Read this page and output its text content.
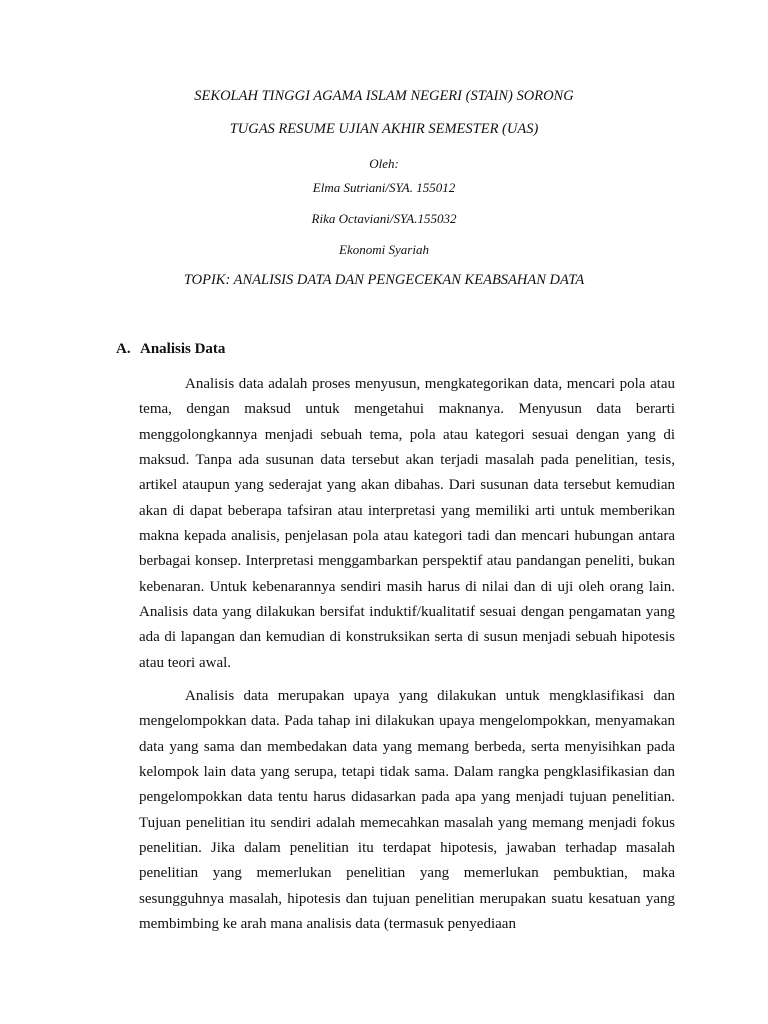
SEKOLAH TINGGI AGAMA ISLAM NEGERI (STAIN) SORONG
TUGAS RESUME UJIAN AKHIR SEMESTER (UAS)
Oleh:
Elma Sutriani/SYA. 155012
Rika Octaviani/SYA.155032
Ekonomi Syariah
TOPIK: ANALISIS DATA DAN PENGECEKAN KEABSAHAN DATA
A. Analisis Data

Analisis data adalah proses menyusun, mengkategorikan data, mencari pola atau tema, dengan maksud untuk mengetahui maknanya. Menyusun data berarti menggolongkannya menjadi sebuah tema, pola atau kategori sesuai dengan yang di maksud. Tanpa ada susunan data tersebut akan terjadi masalah pada penelitian, tesis, artikel ataupun yang sederajat yang akan dibahas. Dari susunan data tersebut kemudian akan di dapat beberapa tafsiran atau interpretasi yang memiliki arti untuk memberikan makna kepada analisis, penjelasan pola atau kategori tadi dan mencari hubungan antara berbagai konsep. Interpretasi menggambarkan perspektif atau pandangan peneliti, bukan kebenaran. Untuk kebenarannya sendiri masih harus di nilai dan di uji oleh orang lain. Analisis data yang dilakukan bersifat induktif/kualitatif sesuai dengan pengamatan yang ada di lapangan dan kemudian di konstruksikan serta di susun menjadi sebuah hipotesis atau teori awal.

Analisis data merupakan upaya yang dilakukan untuk mengklasifikasi dan mengelompokkan data. Pada tahap ini dilakukan upaya mengelompokkan, menyamakan data yang sama dan membedakan data yang memang berbeda, serta menyisihkan pada kelompok lain data yang serupa, tetapi tidak sama. Dalam rangka pengklasifikasian dan pengelompokkan data tentu harus didasarkan pada apa yang menjadi tujuan penelitian. Tujuan penelitian itu sendiri adalah memecahkan masalah yang memang menjadi fokus penelitian. Jika dalam penelitian itu terdapat hipotesis, jawaban terhadap masalah penelitian yang memerlukan penelitian yang memerlukan pembuktian, maka sesungguhnya masalah, hipotesis dan tujuan penelitian merupakan suatu kesatuan yang membimbing ke arah mana analisis data (termasuk penyediaan
